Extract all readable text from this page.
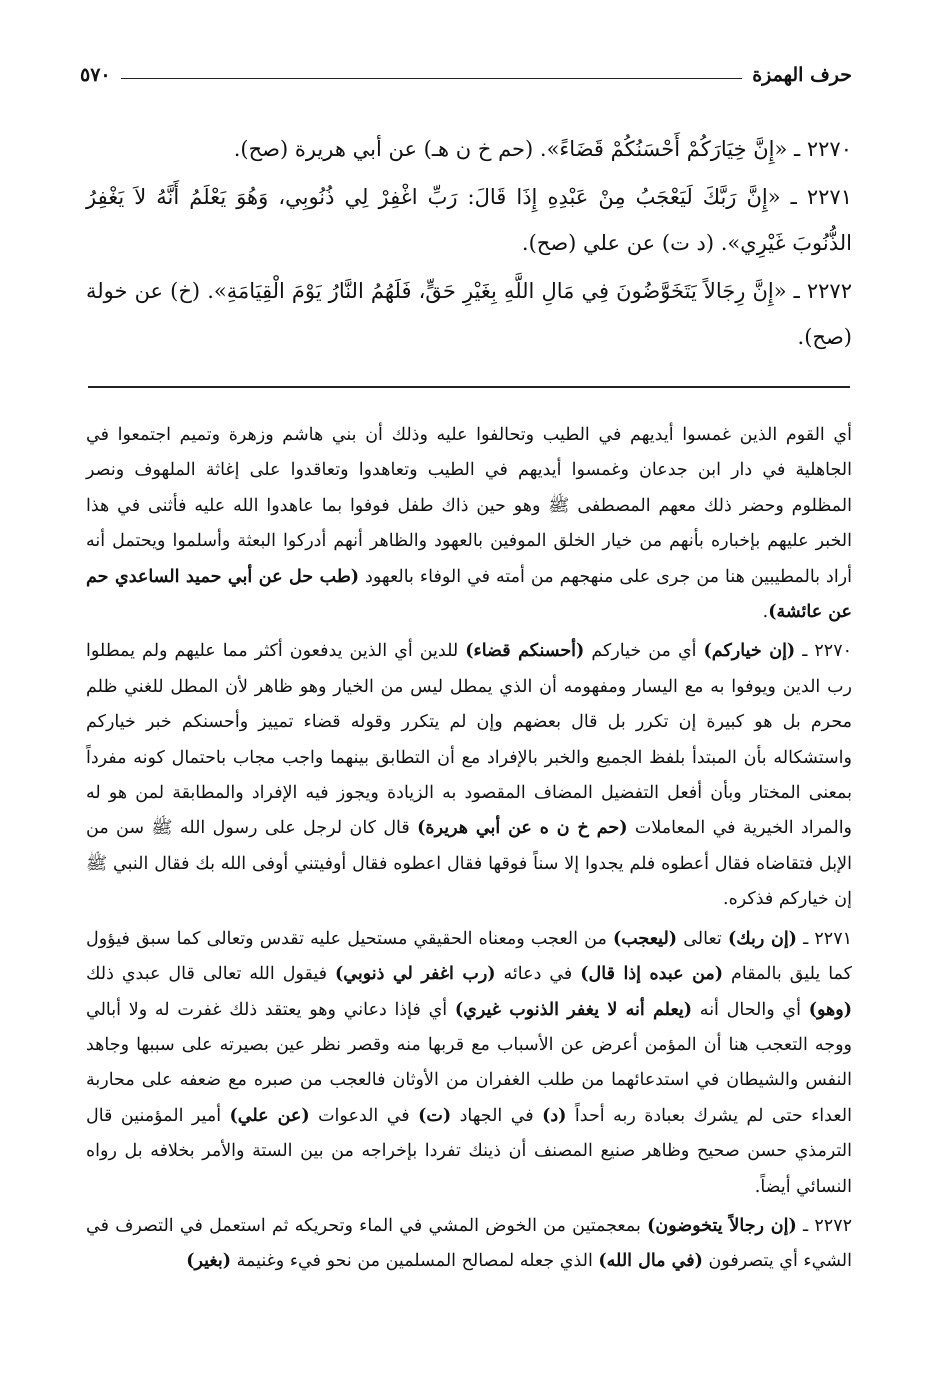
حرف الهمزة
٥٧٠

٢٢٧٠ ـ «إِنَّ خِيَارَكُمْ أَحْسَنُكُمْ قَضَاءً». (حم خ ن هـ) عن أبي هريرة (صح).

٢٢٧١ ـ «إِنَّ رَبَّكَ لَيَعْجَبُ مِنْ عَبْدِهِ إِذَا قَالَ: رَبِّ اغْفِرْ لِي ذُنُوبِي، وَهُوَ يَعْلَمُ أَنَّهُ لاَ يَغْفِرُ الذُّنُوبَ غَيْرِي». (د ت) عن علي (صح).

٢٢٧٢ ـ «إِنَّ رِجَالاً يَتَخَوَّضُونَ فِي مَالِ اللَّهِ بِغَيْرِ حَقٍّ، فَلَهُمُ النَّارُ يَوْمَ الْقِيَامَةِ». (خ) عن خولة (صح).

أي القوم الذين غمسوا أيديهم في الطيب وتحالفوا عليه وذلك أن بني هاشم وزهرة وتميم اجتمعوا في الجاهلية في دار ابن جدعان وغمسوا أيديهم في الطيب وتعاهدوا وتعاقدوا على إغاثة الملهوف ونصر المظلوم وحضر ذلك معهم المصطفى ﷺ وهو حين ذاك طفل فوفوا بما عاهدوا الله عليه فأثنى في هذا الخبر عليهم بإخباره بأنهم من خيار الخلق الموفين بالعهود والظاهر أنهم أدركوا البعثة وأسلموا ويحتمل أنه أراد بالمطيبين هنا من جرى على منهجهم من أمته في الوفاء بالعهود (طب حل عن أبي حميد الساعدي حم عن عائشة).

٢٢٧٠ ـ (إن خياركم) أي من خياركم (أحسنكم قضاء) للدين أي الذين يدفعون أكثر مما عليهم ولم يمطلوا رب الدين ويوفوا به مع اليسار ومفهومه أن الذي يمطل ليس من الخيار وهو ظاهر لأن المطل للغني ظلم محرم بل هو كبيرة إن تكرر بل قال بعضهم وإن لم يتكرر وقوله قضاء تمييز وأحسنكم خبر خياركم واستشكاله بأن المبتدأ بلفظ الجميع والخبر بالإفراد مع أن التطابق بينهما واجب مجاب باحتمال كونه مفرداً بمعنى المختار وبأن أفعل التفضيل المضاف المقصود به الزيادة ويجوز فيه الإفراد والمطابقة لمن هو له والمراد الخيرية في المعاملات (حم خ ن ه عن أبي هريرة) قال كان لرجل على رسول الله ﷺ سن من الإبل فتقاضاه فقال أعطوه فلم يجدوا إلا سناً فوقها فقال اعطوه فقال أوفيتني أوفى الله بك فقال النبي ﷺ إن خياركم فذكره.

٢٢٧١ ـ (إن ربك) تعالى (ليعجب) من العجب ومعناه الحقيقي مستحيل عليه تقدس وتعالى كما سبق فيؤول كما يليق بالمقام (من عبده إذا قال) في دعائه (رب اغفر لي ذنوبي) فيقول الله تعالى قال عبدي ذلك (وهو) أي والحال أنه (يعلم أنه لا يغفر الذنوب غيري) أي فإذا دعاني وهو يعتقد ذلك غفرت له ولا أبالي ووجه التعجب هنا أن المؤمن أعرض عن الأسباب مع قربها منه وقصر نظر عين بصيرته على سببها وجاهد النفس والشيطان في استدعائهما من طلب الغفران من الأوثان فالعجب من صبره مع ضعفه على محاربة العداء حتى لم يشرك بعبادة ربه أحداً (د) في الجهاد (ت) في الدعوات (عن علي) أمير المؤمنين قال الترمذي حسن صحيح وظاهر صنيع المصنف أن ذينك تفردا بإخراجه من بين الستة والأمر بخلافه بل رواه النسائي أيضاً.

٢٢٧٢ ـ (إن رجالاً يتخوضون) بمعجمتين من الخوض المشي في الماء وتحريكه ثم استعمل في التصرف في الشيء أي يتصرفون (في مال الله) الذي جعله لمصالح المسلمين من نحو فيء وغنيمة (بغير)
